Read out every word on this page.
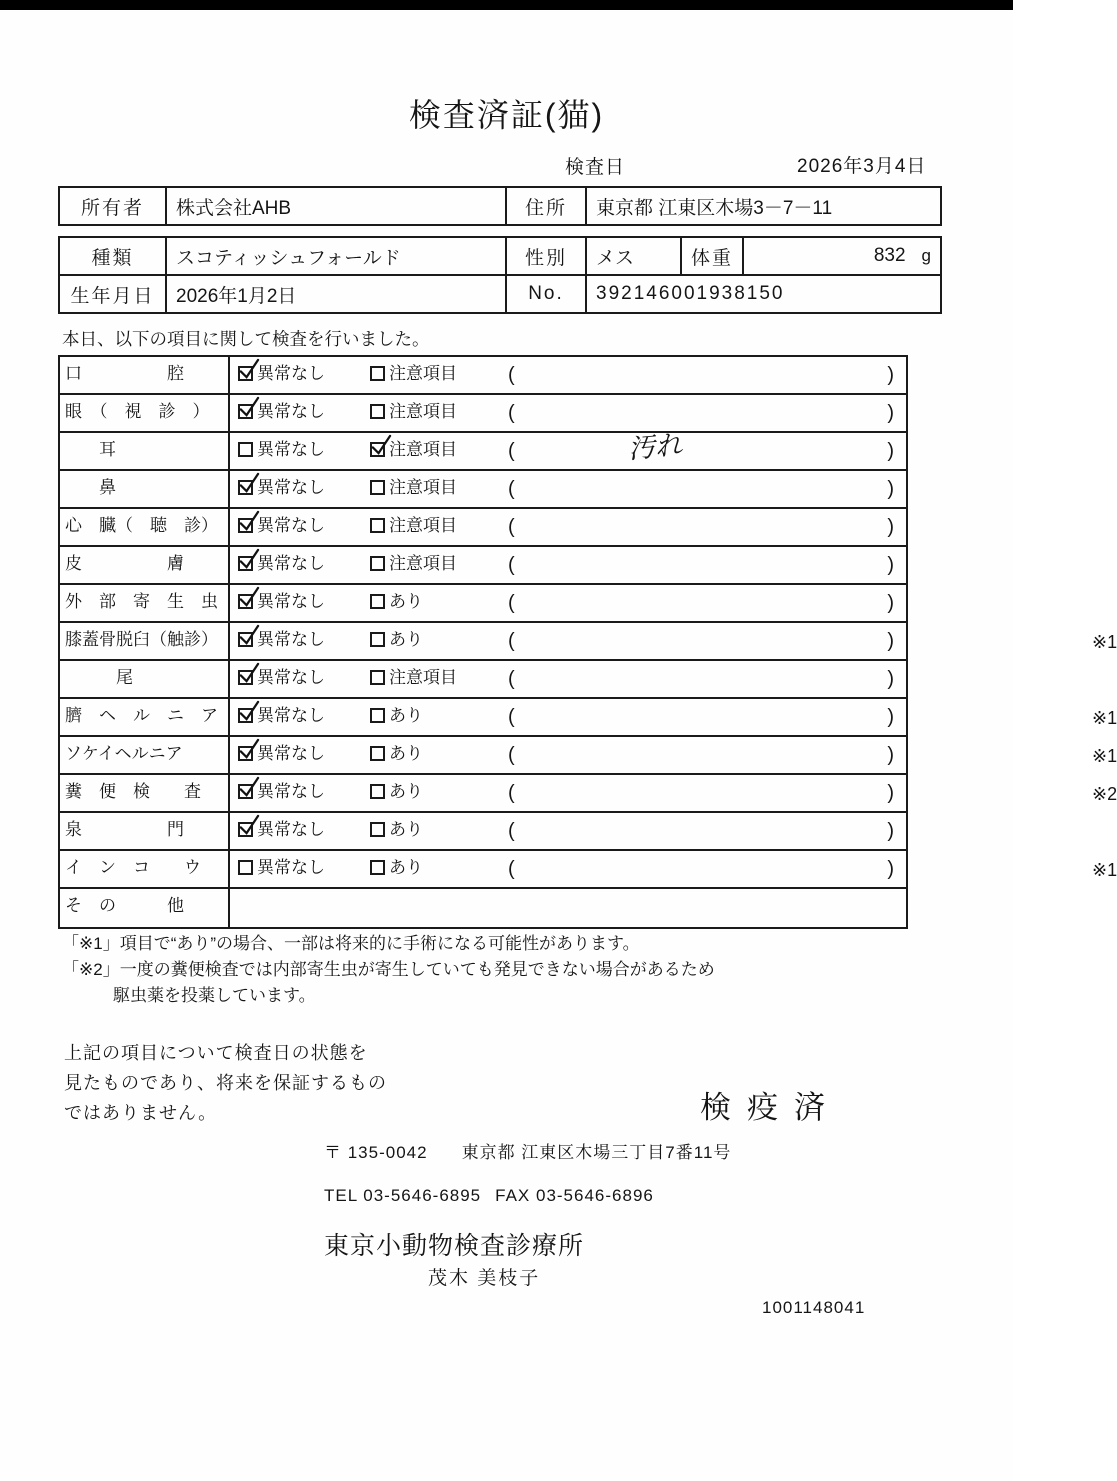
検査済証(猫)
検査日	2026年3月4日
所有者	株式会社AHB	住所	東京都 江東区木場3－7－11
種類	スコティッシュフォールド	性別	メス	体重	832 g
生年月日	2026年1月2日	No.	392146001938150		
本日、以下の項目に関して検査を行いました。
口　　　　　腔	異常なし	注意項目	(	)
眼　（　視　診　）	異常なし	注意項目	(	)
　　耳	異常なし	注意項目	(	汚れ	)
　　鼻	異常なし	注意項目	(	)
心　臓（　聴　診）	異常なし	注意項目	(	)
皮　　　　　膚	異常なし	注意項目	(	)
外　部　寄　生　虫	異常なし	あり	(	)
膝蓋骨脱臼（触診）	異常なし	あり	(	)	※1
　　　尾	異常なし	注意項目	(	)
臍　ヘ　ル　ニ　ア	異常なし	あり	(	)	※1
ソケイヘルニア	異常なし	あり	(	)	※1
糞　便　検　　査	異常なし	あり	(	)	※2
泉　　　　　門	異常なし	あり	(	)
イ　ン　コ　　ウ	異常なし	あり	(	)	※1
そ　の　　　他
「※1」項目で“あり”の場合、一部は将来的に手術になる可能性があります。
「※2」一度の糞便検査では内部寄生虫が寄生していても発見できない場合があるため
　　　駆虫薬を投薬しています。
上記の項目について検査日の状態を
見たものであり、将来を保証するもの
ではありません。	検疫済
〒 135-0042 東京都 江東区木場三丁目7番11号
TEL 03-5646-6895 FAX 03-5646-6896
東京小動物検査診療所
茂木 美枝子
1001148041
